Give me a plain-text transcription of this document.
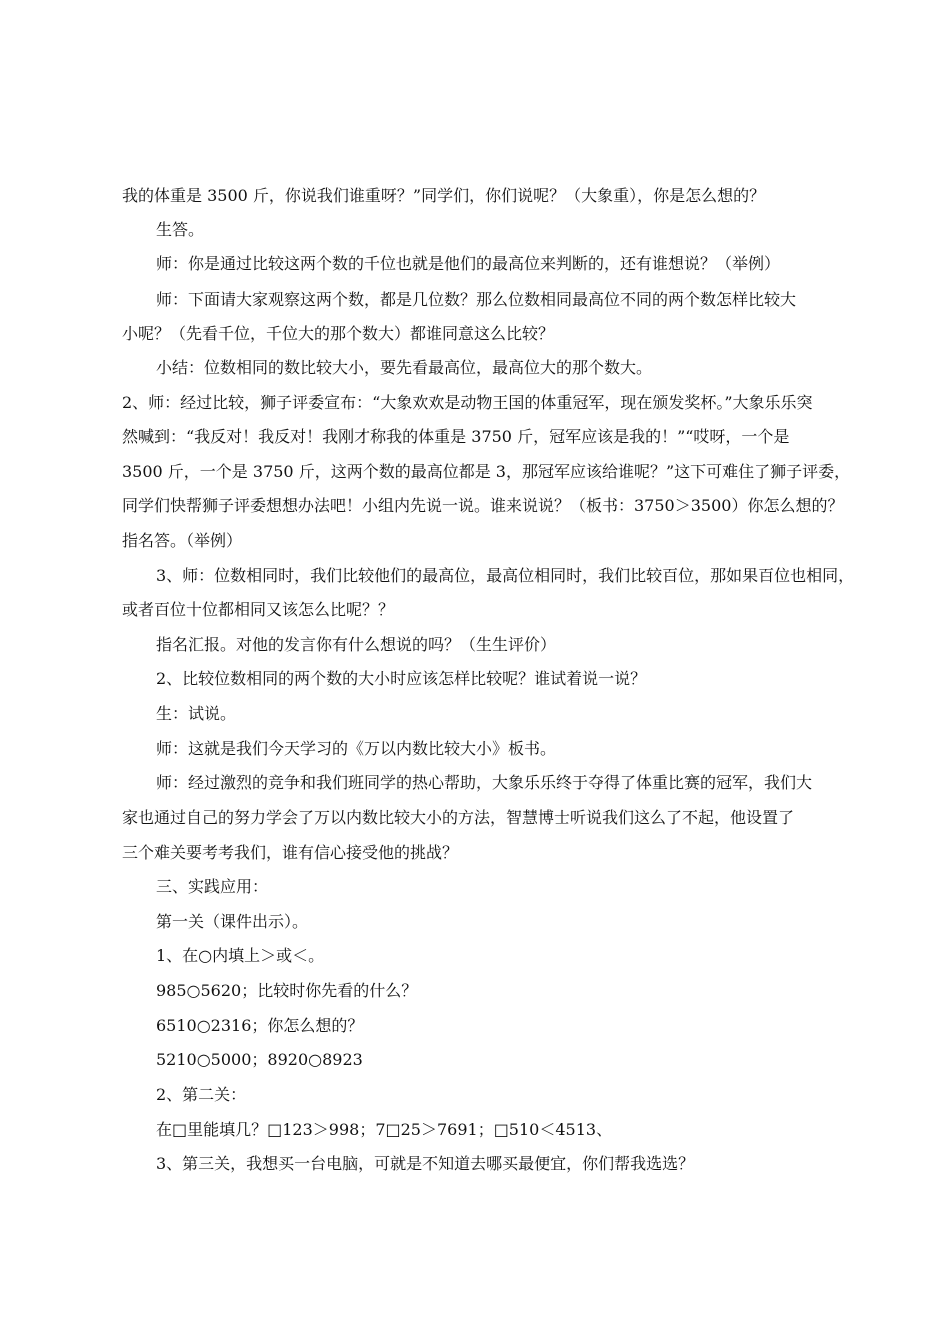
我的体重是 3500 斤，你说我们谁重呀？”同学们，你们说呢？（大象重），你是怎么想的？
生答。
师：你是通过比较这两个数的千位也就是他们的最高位来判断的，还有谁想说？（举例）
师：下面请大家观察这两个数，都是几位数？那么位数相同最高位不同的两个数怎样比较大
小呢？（先看千位，千位大的那个数大）都谁同意这么比较？
小结：位数相同的数比较大小，要先看最高位，最高位大的那个数大。
2、师：经过比较，狮子评委宣布：“大象欢欢是动物王国的体重冠军，现在颁发奖杯。”大象乐乐突
然喊到：“我反对！我反对！我刚才称我的体重是 3750 斤，冠军应该是我的！”“哎呀，一个是
3500 斤，一个是 3750 斤，这两个数的最高位都是 3，那冠军应该给谁呢？”这下可难住了狮子评委，
同学们快帮狮子评委想想办法吧！小组内先说一说。谁来说说？（板书：3750＞3500）你怎么想的？
指名答。（举例）
3、师：位数相同时，我们比较他们的最高位，最高位相同时，我们比较百位，那如果百位也相同，
或者百位十位都相同又该怎么比呢？？
指名汇报。对他的发言你有什么想说的吗？（生生评价）
2、比较位数相同的两个数的大小时应该怎样比较呢？谁试着说一说？
生：试说。
师：这就是我们今天学习的《万以内数比较大小》板书。
师：经过激烈的竞争和我们班同学的热心帮助，大象乐乐终于夺得了体重比赛的冠军，我们大
家也通过自己的努力学会了万以内数比较大小的方法，智慧博士听说我们这么了不起，他设置了
三个难关要考考我们，谁有信心接受他的挑战？
三、实践应用：
第一关（课件出示）。
1、在○内填上＞或＜。
985○5620；比较时你先看的什么？
6510○2316；你怎么想的？
5210○5000；8920○8923
2、第二关：
在□里能填几？□123＞998；7□25＞7691；□510＜4513、
3、第三关，我想买一台电脑，可就是不知道去哪买最便宜，你们帮我选选？
